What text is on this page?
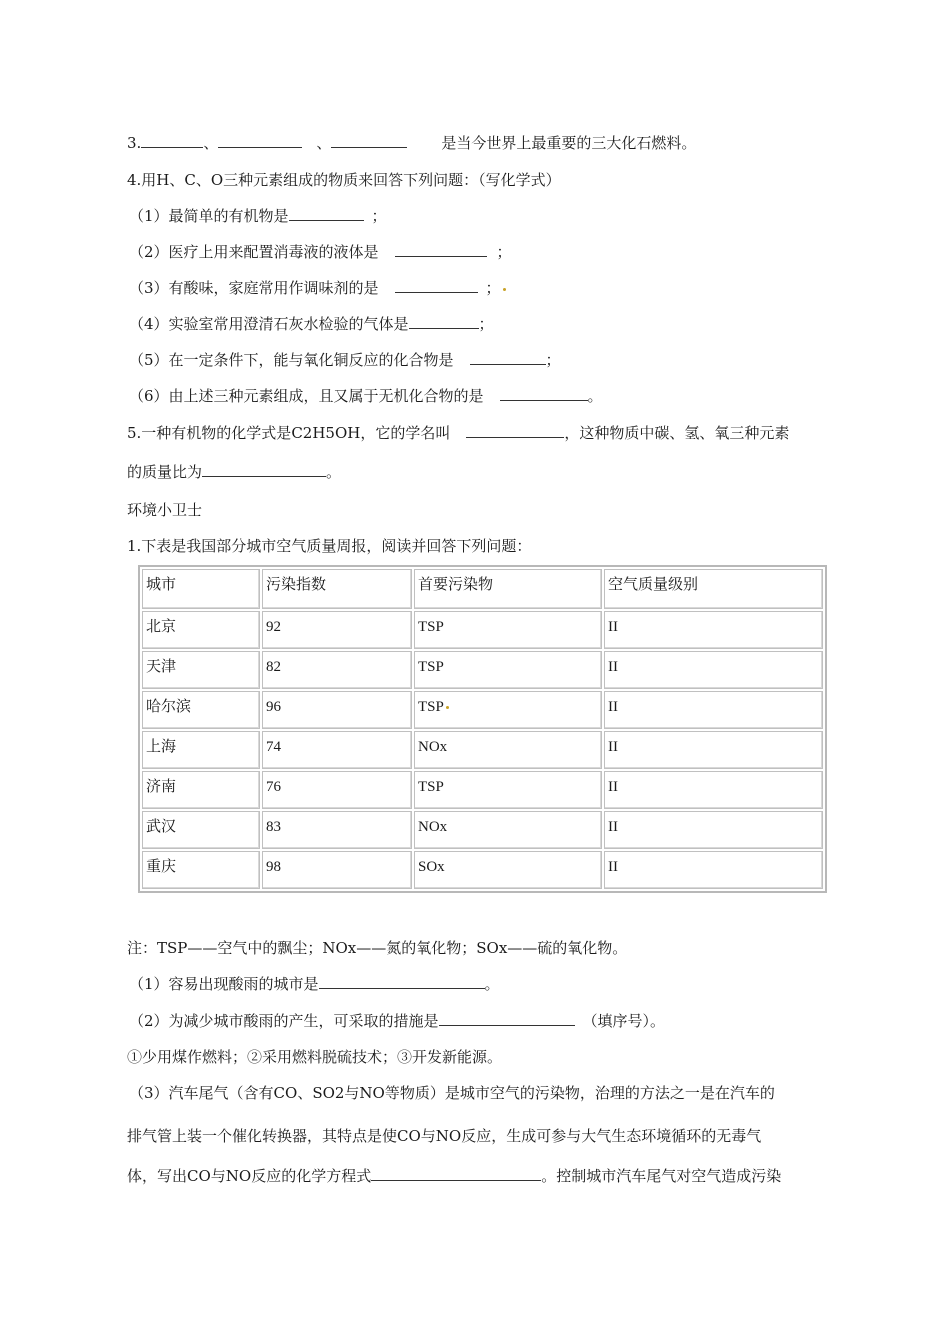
3.	、	、	是当今世界上最重要的三大化石燃料。
4.用H、C、O三种元素组成的物质来回答下列问题：（写化学式）
（1）最简单的有机物是	；
（2）医疗上用来配置消毒液的液体是	；
（3）有酸味，家庭常用作调味剂的是	；
（4）实验室常用澄清石灰水检验的气体是	；
（5）在一定条件下，能与氧化铜反应的化合物是	；
（6）由上述三种元素组成，且又属于无机化合物的是	。
5.一种有机物的化学式是C2H5OH，它的学名叫	，这种物质中碳、氢、氧三种元素
的质量比为	。
环境小卫士
1.下表是我国部分城市空气质量周报，阅读并回答下列问题：
城市	污染指数	首要污染物	空气质量级别
北京	92	TSP	II
天津	82	TSP	II
哈尔滨	96	TSP	II
上海	74	NOx	II
济南	76	TSP	II
武汉	83	NOx	II
重庆	98	SOx	II
注：TSP——空气中的飘尘；NOx——氮的氧化物；SOx——硫的氧化物。
（1）容易出现酸雨的城市是	。
（2）为减少城市酸雨的产生，可采取的措施是	（填序号）。
①少用煤作燃料；②采用燃料脱硫技术；③开发新能源。
（3）汽车尾气（含有CO、SO2与NO等物质）是城市空气的污染物，治理的方法之一是在汽车的
排气管上装一个催化转换器，其特点是使CO与NO反应，生成可参与大气生态环境循环的无毒气
体，写出CO与NO反应的化学方程式	。控制城市汽车尾气对空气造成污染
